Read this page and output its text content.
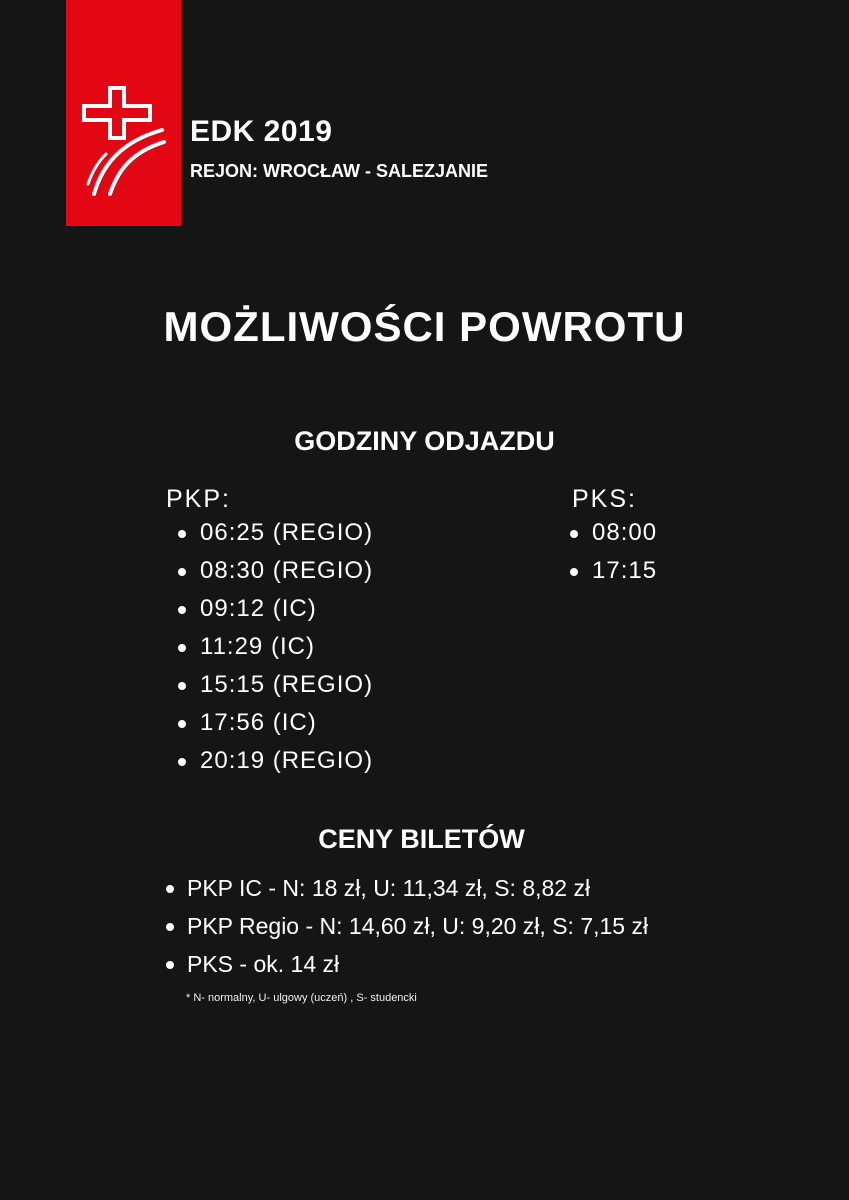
EDK 2019
REJON: WROCŁAW - SALEZJANIE
MOŻLIWOŚCI POWROTU
GODZINY ODJAZDU
PKP:
06:25 (REGIO)
08:30 (REGIO)
09:12 (IC)
11:29 (IC)
15:15 (REGIO)
17:56 (IC)
20:19 (REGIO)
PKS:
08:00
17:15
CENY BILETÓW
PKP IC - N: 18 zł, U: 11,34 zł, S: 8,82 zł
PKP Regio - N: 14,60 zł, U: 9,20 zł, S: 7,15 zł
PKS - ok. 14 zł
* N- normalny, U- ulgowy (uczeń) , S- studencki
